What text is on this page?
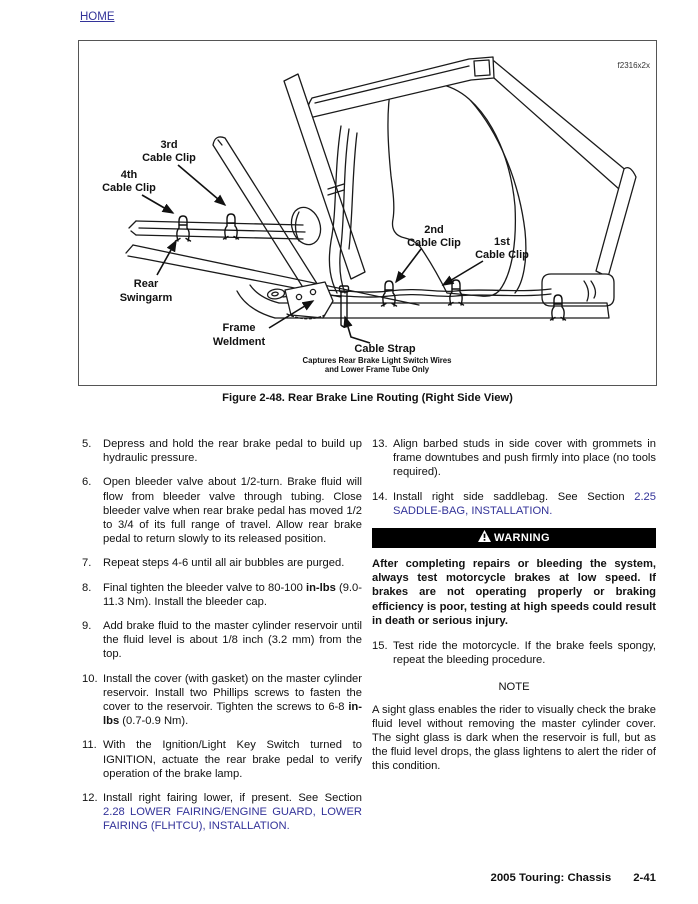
HOME
f2316x2x
3rd
Cable Clip
4th
Cable Clip
2nd
Cable Clip	1st
Cable Clip
Rear
Swingarm
Frame
Weldment
Cable Strap
Captures Rear Brake Light Switch Wires
and Lower Frame Tube Only
Figure 2-48. Rear Brake Line Routing (Right Side View)
5. Depress and hold the rear brake pedal to build up hydraulic pressure.
6. Open bleeder valve about 1/2-turn. Brake fluid will flow from bleeder valve through tubing. Close bleeder valve when rear brake pedal has moved 1/2 to 3/4 of its full range of travel. Allow rear brake pedal to return slowly to its released position.
7. Repeat steps 4-6 until all air bubbles are purged.
8. Final tighten the bleeder valve to 80-100 in-lbs (9.0-11.3 Nm). Install the bleeder cap.
9. Add brake fluid to the master cylinder reservoir until the fluid level is about 1/8 inch (3.2 mm) from the top.
10. Install the cover (with gasket) on the master cylinder reservoir. Install two Phillips screws to fasten the cover to the reservoir. Tighten the screws to 6-8 in-lbs (0.7-0.9 Nm).
11. With the Ignition/Light Key Switch turned to IGNITION, actuate the rear brake pedal to verify operation of the brake lamp.
12. Install right fairing lower, if present. See Section 2.28 LOWER FAIRING/ENGINE GUARD, LOWER FAIRING (FLHTCU), INSTALLATION.
13. Align barbed studs in side cover with grommets in frame downtubes and push firmly into place (no tools required).
14. Install right side saddlebag. See Section 2.25 SADDLE-BAG, INSTALLATION.
WARNING
After completing repairs or bleeding the system, always test motorcycle brakes at low speed. If brakes are not operating properly or braking efficiency is poor, testing at high speeds could result in death or serious injury.
15. Test ride the motorcycle. If the brake feels spongy, repeat the bleeding procedure.
NOTE
A sight glass enables the rider to visually check the brake fluid level without removing the master cylinder cover. The sight glass is dark when the reservoir is full, but as the fluid level drops, the glass lightens to alert the rider of this condition.
2005 Touring: Chassis 2-41
